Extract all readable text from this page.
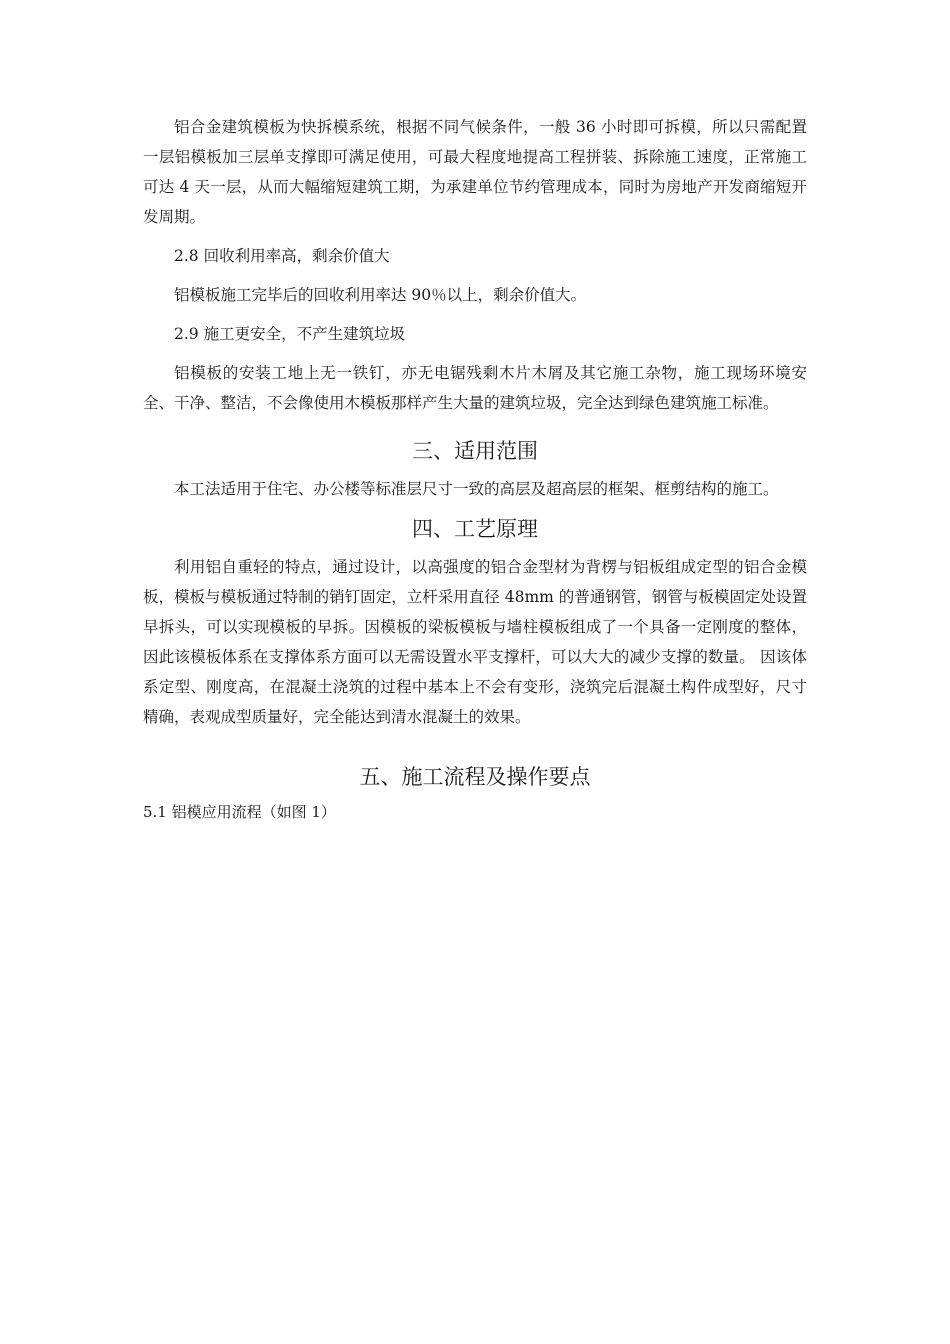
铝合金建筑模板为快拆模系统，根据不同气候条件，一般 36 小时即可拆模，所以只需配置一层铝模板加三层单支撑即可满足使用，可最大程度地提高工程拼装、拆除施工速度，正常施工可达 4 天一层，从而大幅缩短建筑工期，为承建单位节约管理成本，同时为房地产开发商缩短开发周期。

2.8 回收利用率高，剩余价值大

铝模板施工完毕后的回收利用率达 90％以上，剩余价值大。

2.9 施工更安全，不产生建筑垃圾

铝模板的安装工地上无一铁钉，亦无电锯残剩木片木屑及其它施工杂物，施工现场环境安全、干净、整洁，不会像使用木模板那样产生大量的建筑垃圾，完全达到绿色建筑施工标准。

三、适用范围

本工法适用于住宅、办公楼等标准层尺寸一致的高层及超高层的框架、框剪结构的施工。

四、工艺原理

利用铝自重轻的特点，通过设计，以高强度的铝合金型材为背楞与铝板组成定型的铝合金模板，模板与模板通过特制的销钉固定，立杆采用直径 48mm 的普通钢管，钢管与板模固定处设置早拆头，可以实现模板的早拆。因模板的梁板模板与墙柱模板组成了一个具备一定刚度的整体，因此该模板体系在支撑体系方面可以无需设置水平支撑杆，可以大大的减少支撑的数量。 因该体系定型、刚度高，在混凝土浇筑的过程中基本上不会有变形，浇筑完后混凝土构件成型好，尺寸精确，表观成型质量好，完全能达到清水混凝土的效果。

五、施工流程及操作要点

5.1 铝模应用流程（如图 1）
